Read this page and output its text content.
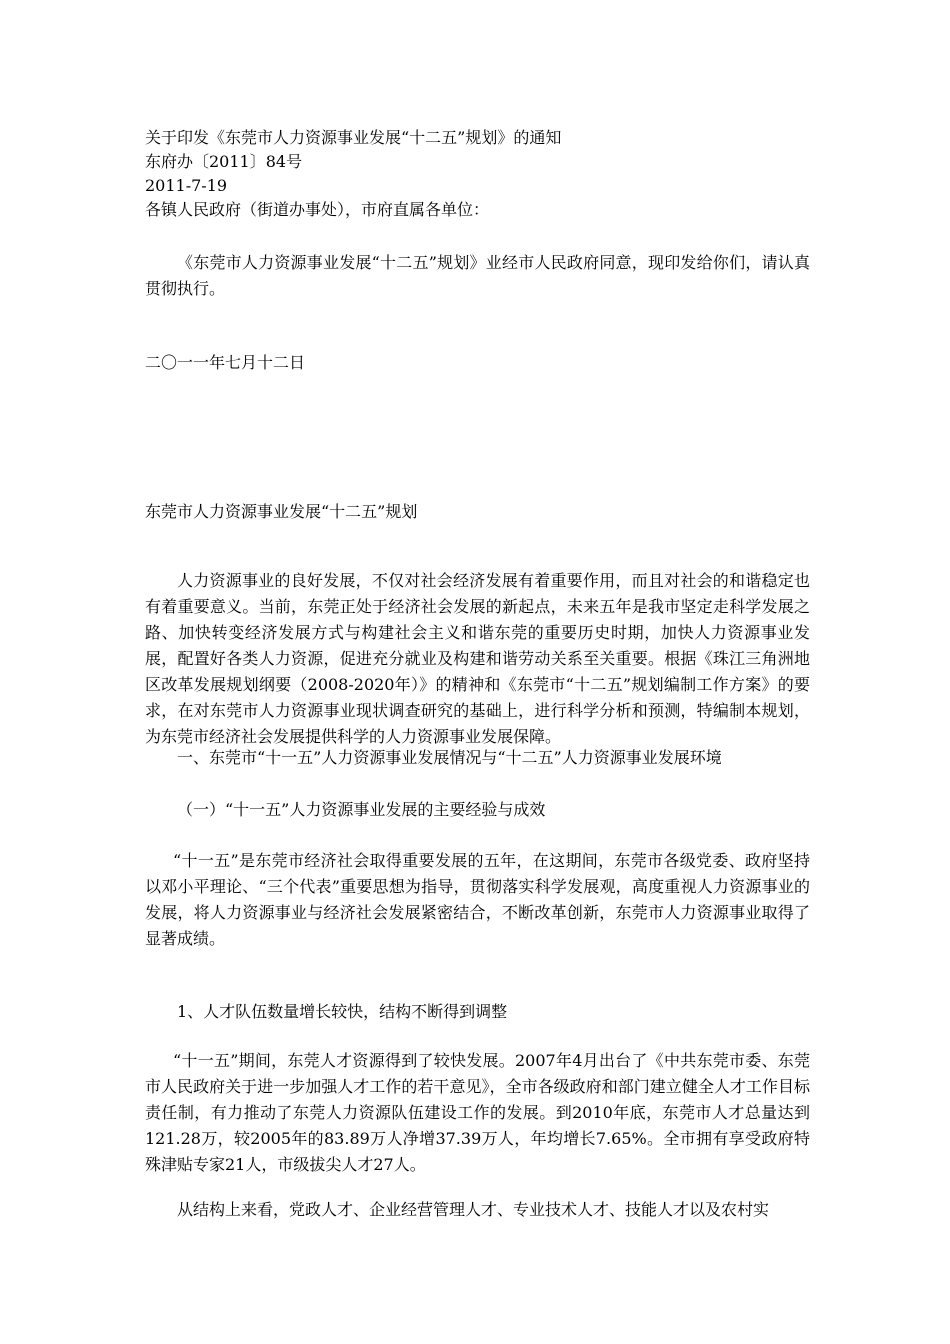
关于印发《东莞市人力资源事业发展“十二五”规划》的通知

东府办〔2011〕84号

2011-7-19

各镇人民政府（街道办事处），市府直属各单位：

《东莞市人力资源事业发展“十二五”规划》业经市人民政府同意，现印发给你们，请认真贯彻执行。

二〇一一年七月十二日

东莞市人力资源事业发展“十二五”规划

人力资源事业的良好发展，不仅对社会经济发展有着重要作用，而且对社会的和谐稳定也有着重要意义。当前，东莞正处于经济社会发展的新起点，未来五年是我市坚定走科学发展之路、加快转变经济发展方式与构建社会主义和谐东莞的重要历史时期，加快人力资源事业发展，配置好各类人力资源，促进充分就业及构建和谐劳动关系至关重要。根据《珠江三角洲地区改革发展规划纲要（2008-2020年）》的精神和《东莞市“十二五”规划编制工作方案》的要求，在对东莞市人力资源事业现状调查研究的基础上，进行科学分析和预测，特编制本规划，为东莞市经济社会发展提供科学的人力资源事业发展保障。

一、东莞市“十一五”人力资源事业发展情况与“十二五”人力资源事业发展环境

（一）“十一五”人力资源事业发展的主要经验与成效

“十一五”是东莞市经济社会取得重要发展的五年，在这期间，东莞市各级党委、政府坚持以邓小平理论、“三个代表”重要思想为指导，贯彻落实科学发展观，高度重视人力资源事业的发展，将人力资源事业与经济社会发展紧密结合，不断改革创新，东莞市人力资源事业取得了显著成绩。

1、人才队伍数量增长较快，结构不断得到调整

“十一五”期间，东莞人才资源得到了较快发展。2007年4月出台了《中共东莞市委、东莞市人民政府关于进一步加强人才工作的若干意见》，全市各级政府和部门建立健全人才工作目标责任制，有力推动了东莞人力资源队伍建设工作的发展。到2010年底，东莞市人才总量达到121.28万，较2005年的83.89万人净增37.39万人，年均增长7.65%。全市拥有享受政府特殊津贴专家21人，市级拔尖人才27人。

从结构上来看，党政人才、企业经营管理人才、专业技术人才、技能人才以及农村实
